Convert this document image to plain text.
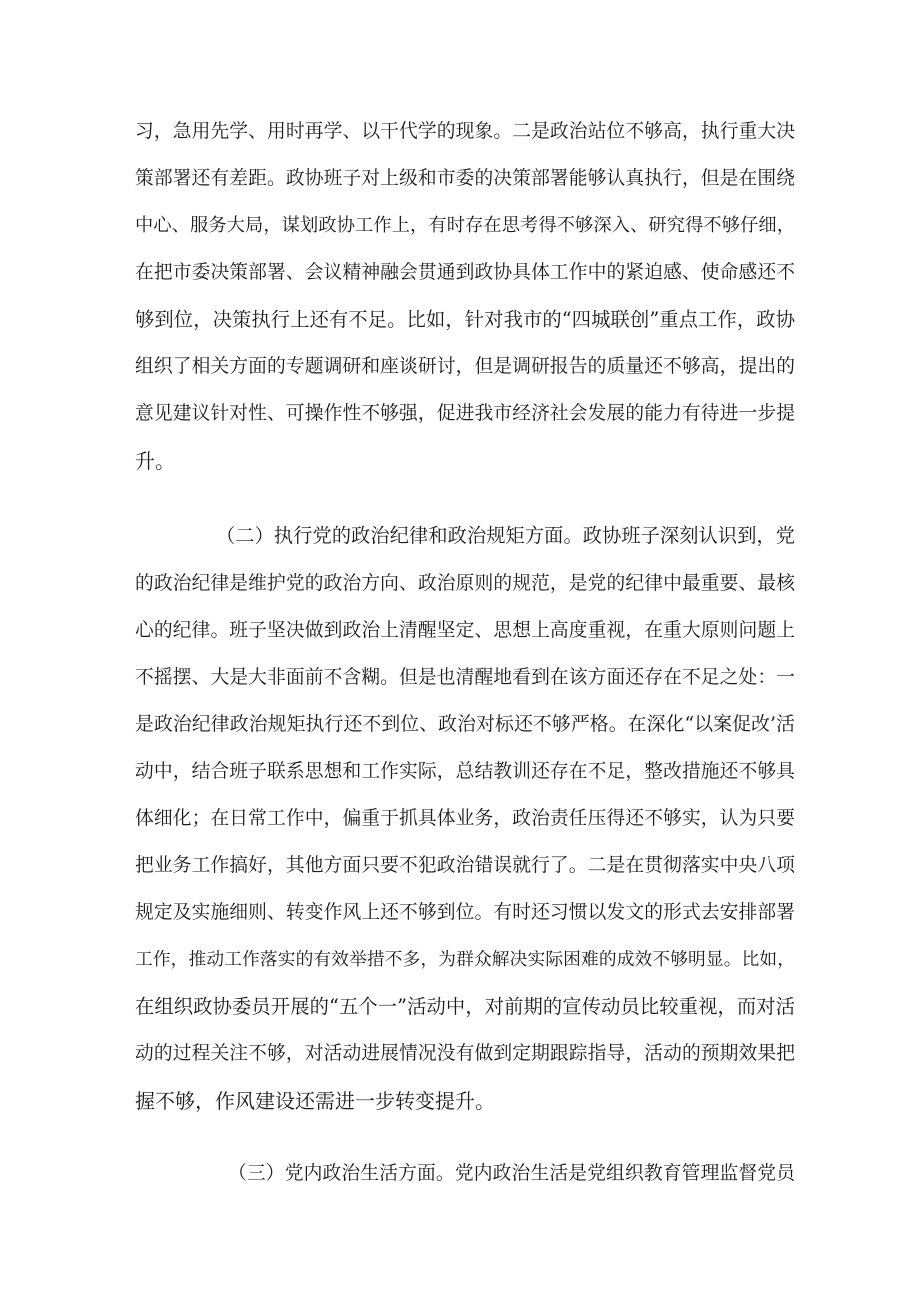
习，急用先学、用时再学、以干代学的现象。二是政治站位不够高，执行重大决
策部署还有差距。政协班子对上级和市委的决策部署能够认真执行，但是在围绕
中心、服务大局，谋划政协工作上，有时存在思考得不够深入、研究得不够仔细，
在把市委决策部署、会议精神融会贯通到政协具体工作中的紧迫感、使命感还不
够到位，决策执行上还有不足。比如，针对我市的“四城联创”重点工作，政协
组织了相关方面的专题调研和座谈研讨，但是调研报告的质量还不够高，提出的
意见建议针对性、可操作性不够强，促进我市经济社会发展的能力有待进一步提
升。
（二）执行党的政治纪律和政治规矩方面。政协班子深刻认识到，党
的政治纪律是维护党的政治方向、政治原则的规范，是党的纪律中最重要、最核
心的纪律。班子坚决做到政治上清醒坚定、思想上高度重视，在重大原则问题上
不摇摆、大是大非面前不含糊。但是也清醒地看到在该方面还存在不足之处：一
是政治纪律政治规矩执行还不到位、政治对标还不够严格。在深化“以案促改’活
动中，结合班子联系思想和工作实际，总结教训还存在不足，整改措施还不够具
体细化；在日常工作中，偏重于抓具体业务，政治责任压得还不够实，认为只要
把业务工作搞好，其他方面只要不犯政治错误就行了。二是在贯彻落实中央八项
规定及实施细则、转变作风上还不够到位。有时还习惯以发文的形式去安排部署
工作，推动工作落实的有效举措不多，为群众解决实际困难的成效不够明显。比如，
在组织政协委员开展的“五个一”活动中，对前期的宣传动员比较重视，而对活
动的过程关注不够，对活动进展情况没有做到定期跟踪指导，活动的预期效果把
握不够，作风建设还需进一步转变提升。
（三）党内政治生活方面。党内政治生活是党组织教育管理监督党员
